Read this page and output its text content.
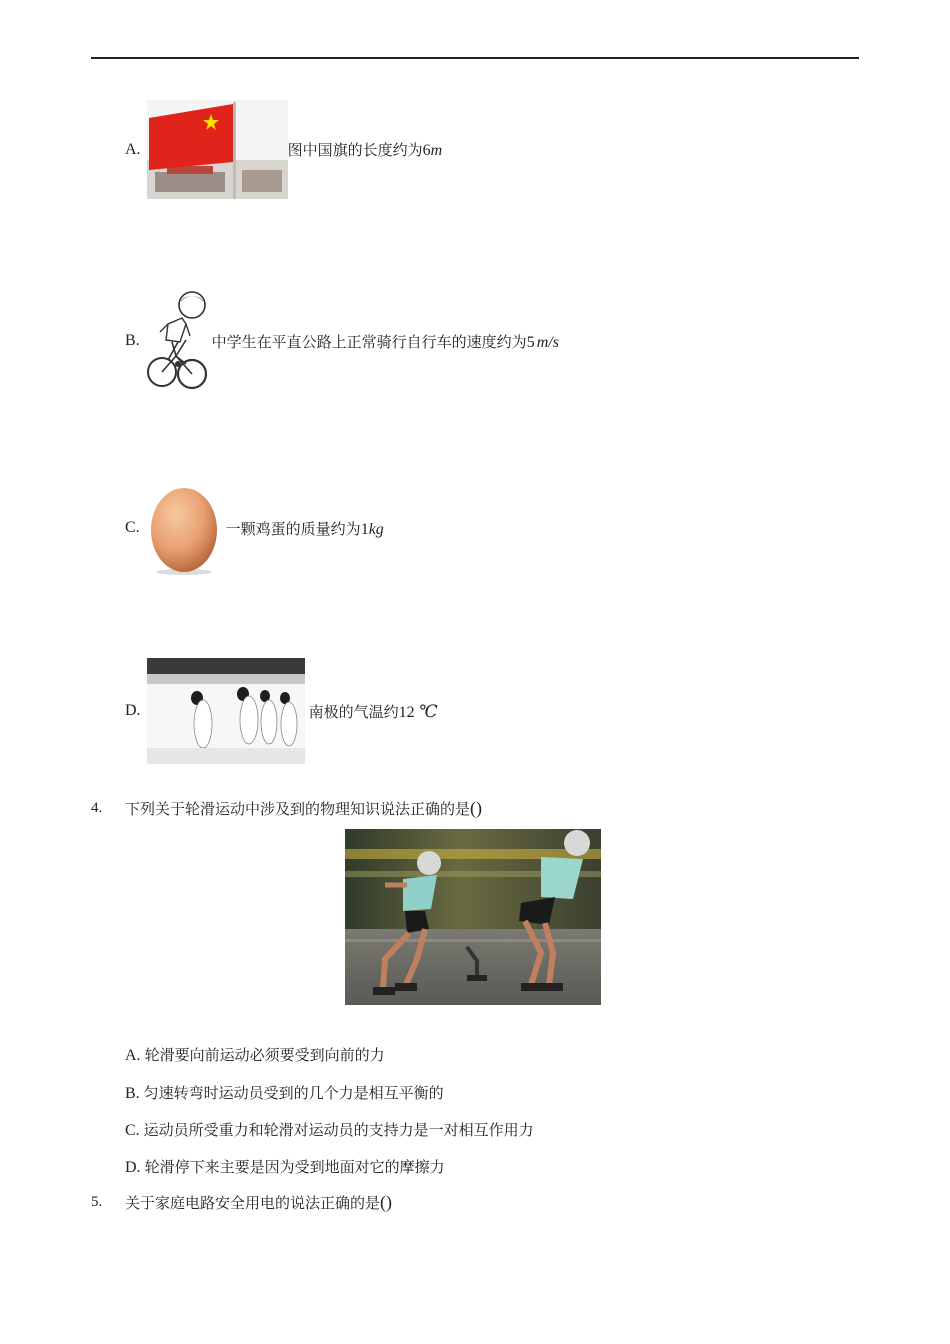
A.	图中国旗的长度约为6m
B.	中学生在平直公路上正常骑行自行车的速度约为5 m/s
C.	一颗鸡蛋的质量约为1kg
D.	南极的气温约12 ℃
4. 下列关于轮滑运动中涉及到的物理知识说法正确的是()
A. 轮滑要向前运动必须要受到向前的力
B. 匀速转弯时运动员受到的几个力是相互平衡的
C. 运动员所受重力和轮滑对运动员的支持力是一对相互作用力
D. 轮滑停下来主要是因为受到地面对它的摩擦力
5. 关于家庭电路安全用电的说法正确的是()
